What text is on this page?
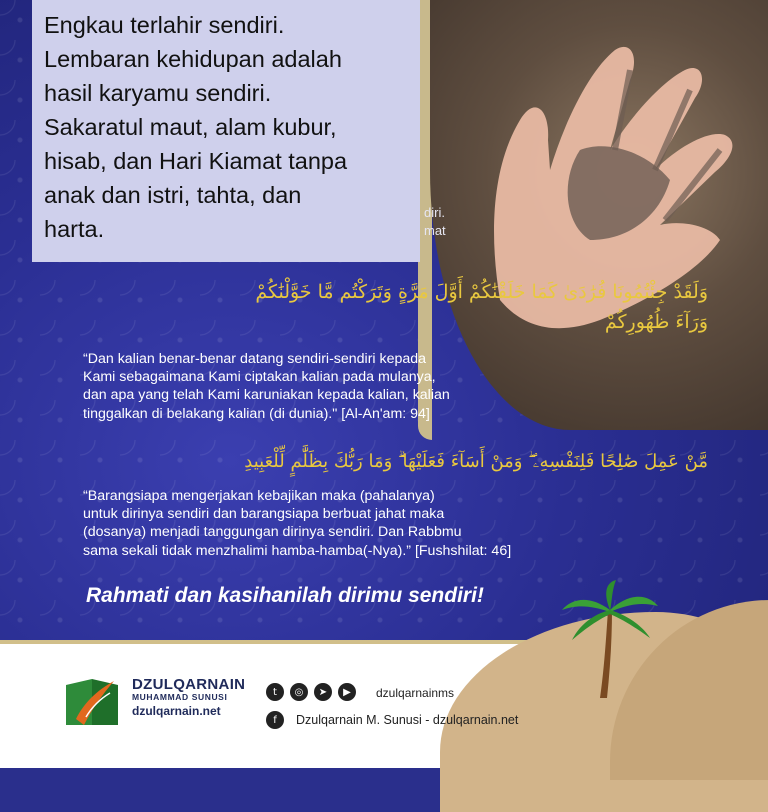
diri.
mat
Engkau terlahir sendiri.
Lembaran kehidupan adalah
hasil karyamu sendiri.
Sakaratul maut, alam kubur,
hisab, dan Hari Kiamat tanpa
anak dan istri, tahta, dan
harta.
وَلَقَدْ جِئْتُمُونَا فُرَٰدَىٰ كَمَا خَلَقْنَٰكُمْ أَوَّلَ مَرَّةٍ وَتَرَكْتُم مَّا خَوَّلْنَٰكُمْ
وَرَآءَ ظُهُورِكُمْ
“Dan kalian benar-benar datang sendiri-sendiri kepada
Kami sebagaimana Kami ciptakan kalian pada mulanya,
dan apa yang telah Kami karuniakan kepada kalian, kalian
tinggalkan di belakang kalian (di dunia)." [Al-An'am: 94]
مَّنْ عَمِلَ صَٰلِحًا فَلِنَفْسِهِۦ ۖ وَمَنْ أَسَآءَ فَعَلَيْهَا ۗ وَمَا رَبُّكَ بِظَلَّٰمٍ لِّلْعَبِيدِ
“Barangsiapa mengerjakan kebajikan maka (pahalanya)
untuk dirinya sendiri dan barangsiapa berbuat jahat maka
(dosanya) menjadi tanggungan dirinya sendiri. Dan Rabbmu
sama sekali tidak menzhalimi hamba-hamba(-Nya).” [Fushshilat: 46]
Rahmati dan kasihanilah dirimu sendiri!
DZULQARNAIN
MUHAMMAD SUNUSI
dzulqarnain.net
t	◎	➤	▶	dzulqarnainms
f	Dzulqarnain M. Sunusi - dzulqarnain.net
